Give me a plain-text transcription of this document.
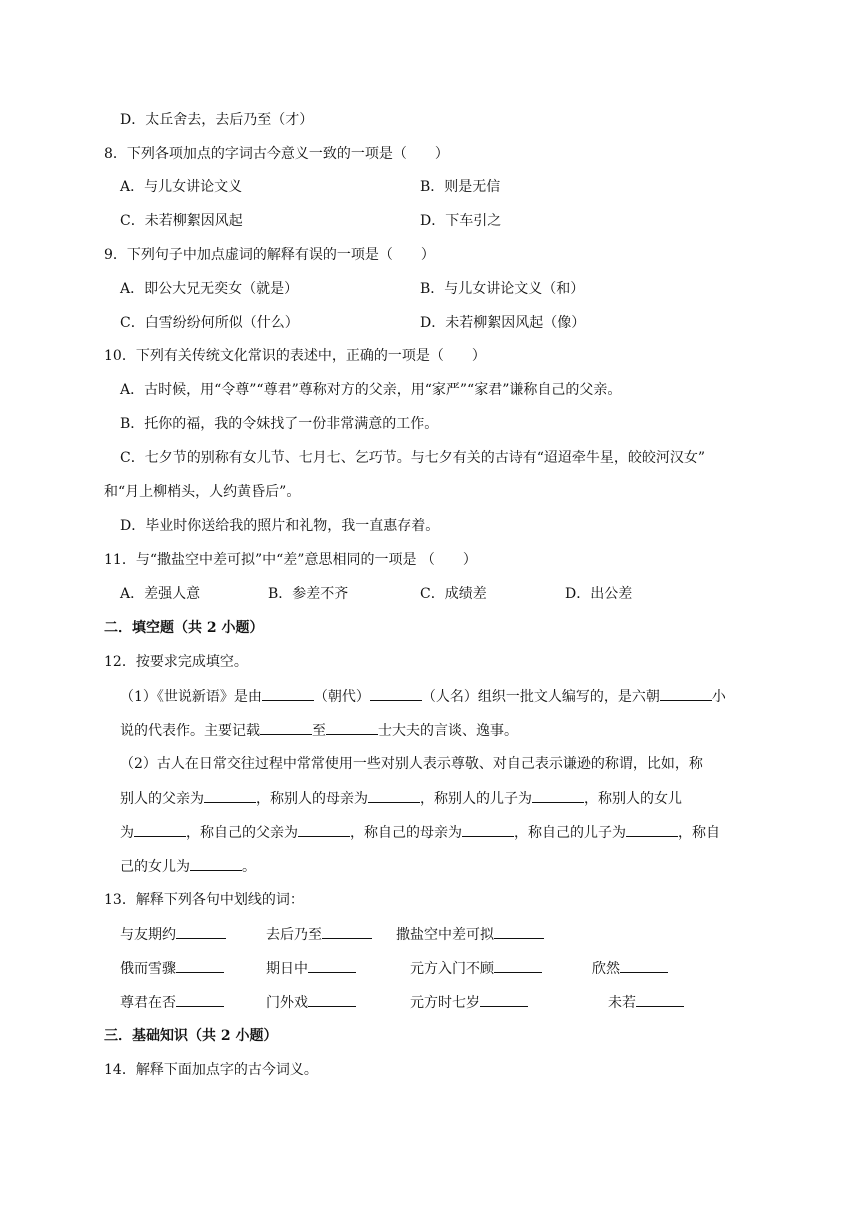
D．太丘舍去，去后乃至（才）
8．下列各项加点的字词古今意义一致的一项是（　　）
A．与儿女讲论文义	B．则是无信
C．未若柳絮因风起	D．下车引之
9．下列句子中加点虚词的解释有误的一项是（　　）
A．即公大兄无奕女（就是）	B．与儿女讲论文义（和）
C．白雪纷纷何所似（什么）	D．未若柳絮因风起（像）
10．下列有关传统文化常识的表述中，正确的一项是（　　）
A．古时候，用“令尊”“尊君”尊称对方的父亲，用“家严”“家君”谦称自己的父亲。
B．托你的福，我的令妹找了一份非常满意的工作。
C．七夕节的别称有女儿节、七月七、乞巧节。与七夕有关的古诗有“迢迢牵牛星，皎皎河汉女”
和“月上柳梢头，人约黄昏后”。
D．毕业时你送给我的照片和礼物，我一直惠存着。
11．与“撒盐空中差可拟”中“差”意思相同的一项是 （　　）
A．差强人意	B．参差不齐	C．成绩差	D．出公差
二．填空题（共 2 小题）
12．按要求完成填空。
（1）《世说新语》是由	（朝代）	（人名）组织一批文人编写的，是六朝	小
说的代表作。主要记载	至	士大夫的言谈、逸事。
（2）古人在日常交往过程中常常使用一些对别人表示尊敬、对自己表示谦逊的称谓，比如，称
别人的父亲为	，称别人的母亲为	，称别人的儿子为	，称别人的女儿
为	，称自己的父亲为	，称自己的母亲为	，称自己的儿子为	，称自
己的女儿为	。
13．解释下列各句中划线的词：
与友期约	去后乃至	撒盐空中差可拟
俄而雪骤	期日中	元方入门不顾	欣然
尊君在否	门外戏	元方时七岁	未若
三．基础知识（共 2 小题）
14．解释下面加点字的古今词义。
